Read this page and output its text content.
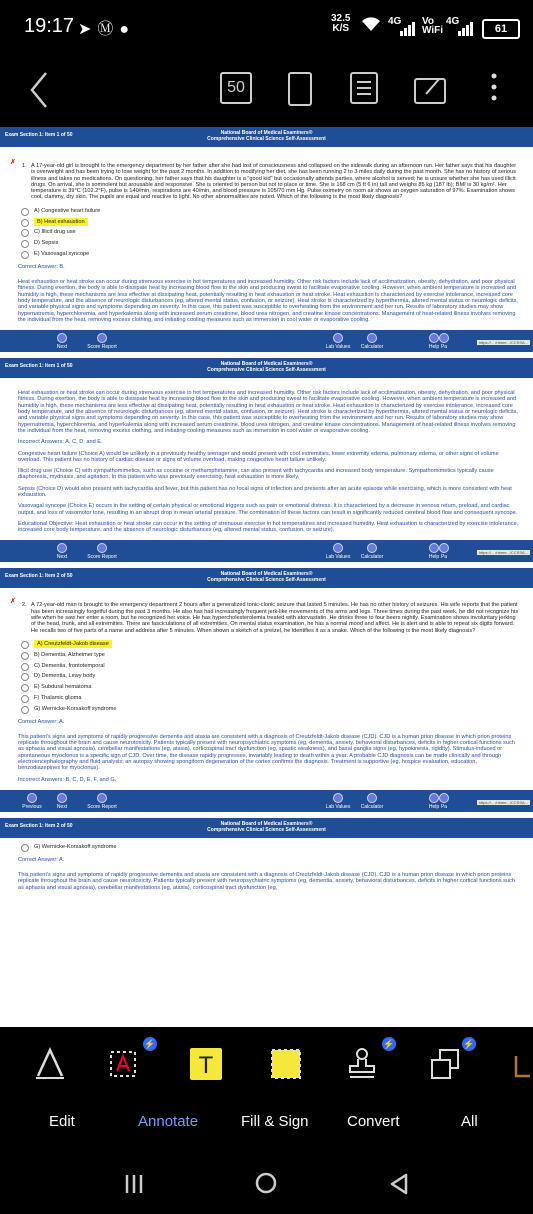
19:17 ➤Ⓜ●
32.5
K/S
4G Vo
WiFi
4G
61
50
Exam Section 1: Item 1 of 50	National Board of Medical Examiners®
Comprehensive Clinical Science Self-Assessment
✗ 1. A 17-year-old girl is brought to the emergency department by her father after she had lost of consciousness and collapsed on the sidewalk during an afternoon run. Her father says that his daughter is overweight and has been trying to lose weight for the past 2 months. In addition to modifying her diet, she has been running 2 to 3 miles daily during the past month. She has no history of serious illness and takes no medications. On questioning, her father says that his daughter is a "good kid" but occasionally attends parties, where alcohol is served; he is unsure whether she has used illicit drugs. On arrival, she is somnolent but arousable and responsive. She is oriented to person but not to place or time. She is 168 cm (5 ft 6 in) tall and weighs 85 kg (187 lb); BMI is 30 kg/m². Her temperature is 39°C (102.2°F), pulse is 140/min, respirations are 40/min, and blood pressure is 105/70 mm Hg. Pulse oximetry on room air shows an oxygen saturation of 97%. Examination shows cool, clammy, dry skin. The pupils are equal and reactive to light. No other abnormalities are noted. Which of the following is the most likely diagnosis?
A) Congestive heart failure
B) Heat exhaustion
C) Illicit drug use
D) Sepsis
E) Vasovagal syncope
Correct Answer: B.

Heat exhaustion or heat stroke can occur during strenuous exercise in hot temperatures and increased humidity. Other risk factors include lack of acclimatization, obesity, dehydration, and poor physical fitness. During exertion, the body is able to dissipate heat by increasing blood flow to the skin and producing sweat to facilitate evaporative cooling. However, when ambient temperature is increased and humidity is high, these mechanisms are less effective at dissipating heat, potentially resulting in heat exhaustion or heat stroke. Heat exhaustion is characterized by exercise intolerance, increased core body temperature, and the absence of neurologic disturbances (eg, altered mental status, confusion, or seizure). Heat stroke is characterized by hyperthermia, altered mental status or neurologic deficits, and variable physical signs and symptoms depending on severity. In this case, this patient was susceptible to overheating from the environment and her run. Results of laboratory studies may show hypernatremia, hyperchloremia, and hyperkalemia along with increased serum creatinine, blood urea nitrogen, and creatine kinase concentrations. Management of heat-related illness involves removing the individual from the heat, removing excess clothing, and initiating cooling measures such as immersion in cool water or evaporative cooling.

Next	Score Report	Lab Values	Calculator	Help Pa
https://... /nbme.../CCSSA...
Exam Section 1: Item 1 of 50	National Board of Medical Examiners®
Comprehensive Clinical Science Self-Assessment

Heat exhaustion or heat stroke can occur during strenuous exercise in hot temperatures and increased humidity. Other risk factors include lack of acclimatization, obesity, dehydration, and poor physical fitness. During exertion, the body is able to dissipate heat by increasing blood flow to the skin and producing sweat to facilitate evaporative cooling. However, when ambient temperature is increased and humidity is high, these mechanisms are less effective at dissipating heat, potentially resulting in heat exhaustion or heat stroke. Heat exhaustion is characterized by exercise intolerance, increased core body temperature, and the absence of neurologic disturbances (eg, altered mental status, confusion, or seizure). Heat stroke is characterized by hyperthermia, altered mental status or neurologic deficits, and variable physical signs and symptoms depending on severity. In this case, this patient was susceptible to overheating from the environment and her run. Results of laboratory studies may show hypernatremia, hyperchloremia, and hyperkalemia along with increased serum creatinine, blood urea nitrogen, and creatine kinase concentrations. Management of heat-related illness involves removing the individual from the heat, removing excess clothing, and initiating cooling measures such as immersion in cool water or evaporative cooling.

Incorrect Answers: A, C, D, and E.

Congestive heart failure (Choice A) would be unlikely in a previously healthy teenager and would present with cool extremities, lower extremity edema, pulmonary edema, or other signs of volume overload. This patient has no history of cardiac disease or signs of volume overload, making congestive heart failure unlikely.

Illicit drug use (Choice C) with sympathomimetics, such as cocaine or methamphetamine, can also present with tachycardia and increased body temperature. Sympathomimetics typically cause diaphoresis, mydriasis, and agitation. In this patient who was previously exercising, heat exhaustion is more likely.

Sepsis (Choice D) would also present with tachycardia and fever, but this patient has no focal signs of infection and presents after an acute episode while exercising, which is more consistent with heat exhaustion.

Vasovagal syncope (Choice E) occurs in the setting of certain physical or emotional triggers such as pain or emotional distress. It is characterized by a decrease in venous return, preload, and cardiac output, and loss of vasomotor tone, resulting in an abrupt drop in mean arterial pressure. The combination of these factors can result in significantly reduced cerebral blood flow and consequent syncope.

Educational Objective: Heat exhaustion or heat stroke can occur in the setting of strenuous exercise in hot temperatures and increased humidity. Heat exhaustion is characterized by exercise intolerance, increased core body temperature, and the absence of neurologic disturbances (eg, altered mental status, confusion, or seizure).

Next	Score Report	Lab Values	Calculator	Help Pa
https://... /nbme.../CCSSA...
Exam Section 1: Item 2 of 50	National Board of Medical Examiners®
Comprehensive Clinical Science Self-Assessment
✗ 2. A 72-year-old man is brought to the emergency department 2 hours after a generalized tonic-clonic seizure that lasted 5 minutes. He has no other history of seizures. His wife reports that the patient has been increasingly forgetful during the past 3 months. He also has had increasingly frequent jerk-like movements of the arms and legs. Three times during the past week, he did not recognize his wife when he saw her enter a room, but he recognized her voice. He has hypercholesterolemia treated with atorvastatin. He drinks three to four beers nightly. Examination shows involuntary jerking of the head, trunk, and all extremities. There are fasciculations of all extremities. On mental status examination, he has a normal mood and affect. He is alert and is able to repeat six digits forward. He recalls two of five parts of a name and address after 5 minutes. When shown a sketch of a pretzel, he identifies it as a snake. Which of the following is the most likely diagnosis?
A) Creutzfeldt-Jakob disease
B) Dementia, Alzheimer type
C) Dementia, frontotemporal
D) Dementia, Lewy body
E) Subdural hematoma
F) Thalamic glioma
G) Wernicke-Korsakoff syndrome
Correct Answer: A.

This patient's signs and symptoms of rapidly progressive dementia and ataxia are consistent with a diagnosis of Creutzfeldt-Jakob disease (CJD). CJD is a human prion disease in which prion proteins replicate throughout the brain and cause neurotoxicity. Patients typically present with neuropsychiatric symptoms (eg, dementia, anxiety, behavioral disturbances, deficits in higher cortical functions such as aphasia and visual agnosia), cerebellar manifestations (eg, ataxia), corticospinal tract dysfunction (eg, spastic weakness), and basal ganglia signs (eg, hypokinesia, rigidity). Stimulus-induced or spontaneous myoclonus is a specific sign of CJD. Over time, the disease rapidly progresses, invariably leading to death within a year. A probable CJD diagnosis can be made clinically and through electroencephalography and fluid analysis; an autopsy showing spongiform degeneration of the cortex confirms the diagnosis. Treatment is supportive (eg, hospice evaluation, education, benzodiazepines for myoclonus).

Incorrect Answers: B, C, D, E, F, and G.

Previous	Next	Score Report	Lab Values	Calculator	Help Pa
https://... /nbme.../CCSSA...
Exam Section 1: Item 2 of 50	National Board of Medical Examiners®
Comprehensive Clinical Science Self-Assessment
G) Wernicke-Korsakoff syndrome
Correct Answer: A.

This patient's signs and symptoms of rapidly progressive dementia and ataxia are consistent with a diagnosis of Creutzfeldt-Jakob disease (CJD). CJD is a human prion disease in which prion proteins replicate throughout the brain and cause neurotoxicity. Patients typically present with neuropsychiatric symptoms (eg, dementia, anxiety, behavioral disturbances, deficits in higher cortical functions such as aphasia and visual agnosia), cerebellar manifestations (eg, ataxia), corticospinal tract dysfunction (eg,

⚡
T
⚡	⚡
Edit	Annotate	Fill & Sign	Convert	All
